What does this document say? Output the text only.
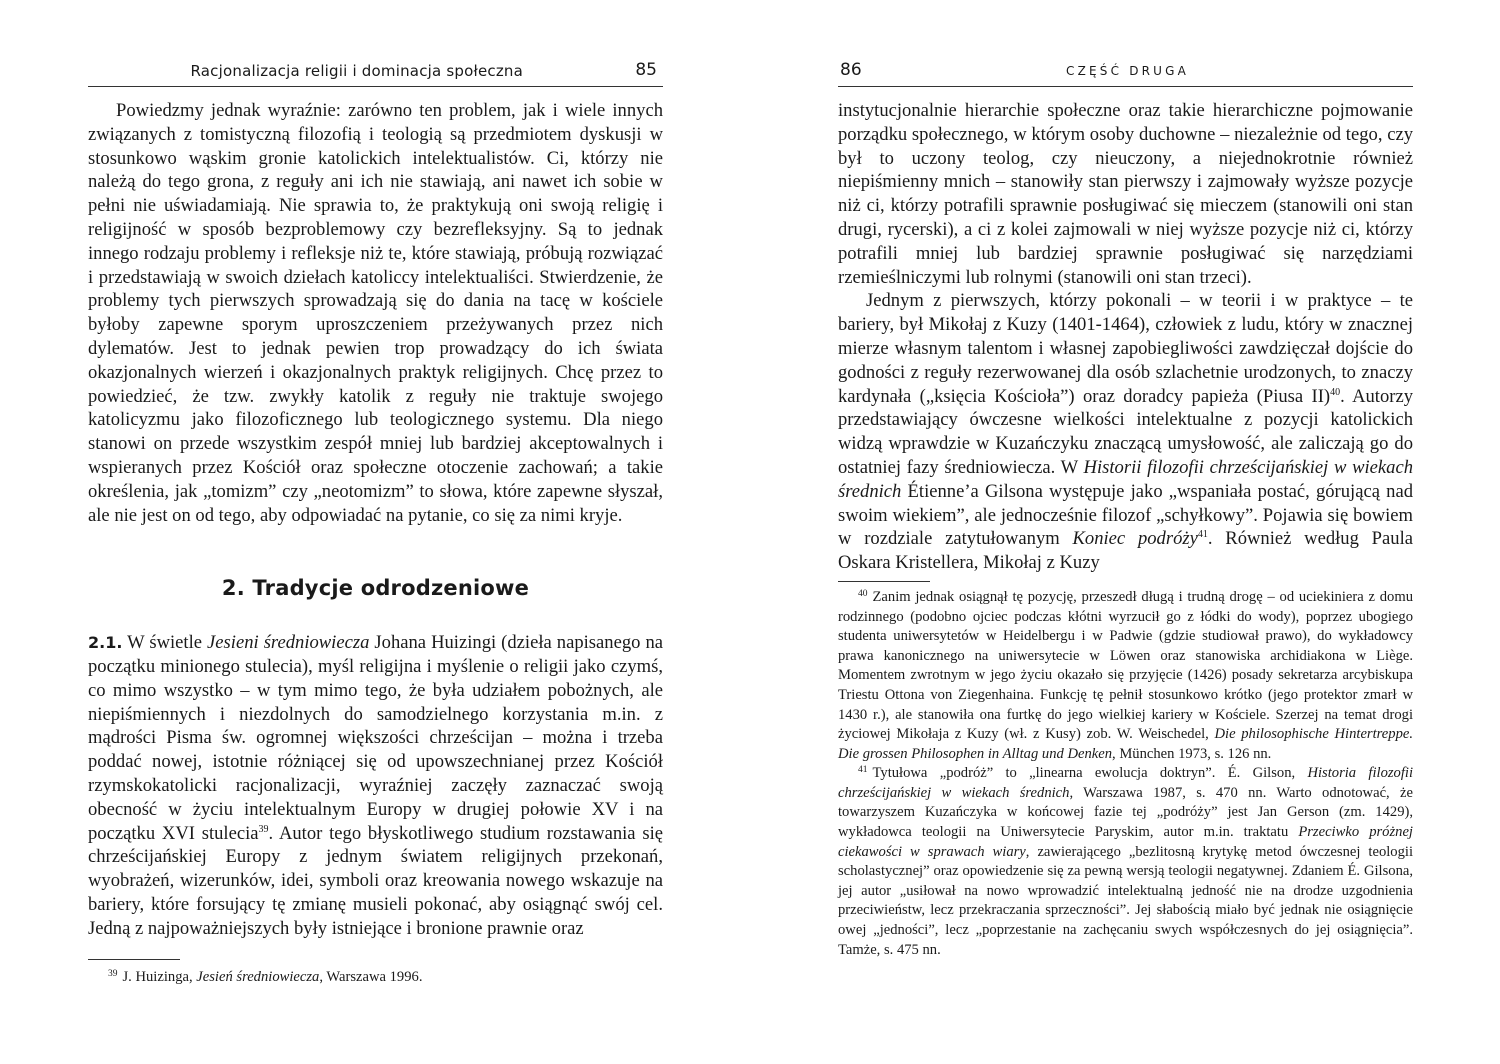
Racjonalizacja religii i dominacja społeczna	85

Powiedzmy jednak wyraźnie: zarówno ten problem, jak i wiele innych związanych z tomistyczną filozofią i teologią są przedmiotem dyskusji w stosunkowo wąskim gronie katolickich intelektualistów. Ci, którzy nie należą do tego grona, z reguły ani ich nie stawiają, ani nawet ich sobie w pełni nie uświadamiają. Nie sprawia to, że praktykują oni swoją religię i religijność w sposób bezproblemowy czy bezrefleksyjny. Są to jednak innego rodzaju problemy i refleksje niż te, które stawiają, próbują rozwiązać i przedstawiają w swoich dziełach katoliccy intelektualiści. Stwierdzenie, że problemy tych pierwszych sprowadzają się do dania na tacę w kościele byłoby zapewne sporym uproszczeniem przeżywanych przez nich dylematów. Jest to jednak pewien trop prowadzący do ich świata okazjonalnych wierzeń i okazjonalnych praktyk religijnych. Chcę przez to powiedzieć, że tzw. zwykły katolik z reguły nie traktuje swojego katolicyzmu jako filozoficznego lub teologicznego systemu. Dla niego stanowi on przede wszystkim zespół mniej lub bardziej akceptowalnych i wspieranych przez Kościół oraz społeczne otoczenie zachowań; a takie określenia, jak „tomizm” czy „neotomizm” to słowa, które zapewne słyszał, ale nie jest on od tego, aby odpowiadać na pytanie, co się za nimi kryje.

2. Tradycje odrodzeniowe

2.1. W świetle Jesieni średniowiecza Johana Huizingi (dzieła napisanego na początku minionego stulecia), myśl religijna i myślenie o religii jako czymś, co mimo wszystko – w tym mimo tego, że była udziałem pobożnych, ale niepiśmiennych i niezdolnych do samodzielnego korzystania m.in. z mądrości Pisma św. ogromnej większości chrześcijan – można i trzeba poddać nowej, istotnie różniącej się od upowszechnianej przez Kościół rzymskokatolicki racjonalizacji, wyraźniej zaczęły zaznaczać swoją obecność w życiu intelektualnym Europy w drugiej połowie XV i na początku XVI stulecia$^{39}$. Autor tego błyskotliwego studium rozstawania się chrześcijańskiej Europy z jednym światem religijnych przekonań, wyobrażeń, wizerunków, idei, symboli oraz kreowania nowego wskazuje na bariery, które forsujący tę zmianę musieli pokonać, aby osiągnąć swój cel. Jedną z najpoważniejszych były istniejące i bronione prawnie oraz

$^{39}$ J. Huizinga, Jesień średniowiecza, Warszawa 1996.

86	CZĘŚĆ DRUGA

instytucjonalnie hierarchie społeczne oraz takie hierarchiczne pojmowanie porządku społecznego, w którym osoby duchowne – niezależnie od tego, czy był to uczony teolog, czy nieuczony, a niejednokrotnie również niepiśmienny mnich – stanowiły stan pierwszy i zajmowały wyższe pozycje niż ci, którzy potrafili sprawnie posługiwać się mieczem (stanowili oni stan drugi, rycerski), a ci z kolei zajmowali w niej wyższe pozycje niż ci, którzy potrafili mniej lub bardziej sprawnie posługiwać się narzędziami rzemieślniczymi lub rolnymi (stanowili oni stan trzeci).

Jednym z pierwszych, którzy pokonali – w teorii i w praktyce – te bariery, był Mikołaj z Kuzy (1401-1464), człowiek z ludu, który w znacznej mierze własnym talentom i własnej zapobiegliwości zawdzięczał dojście do godności z reguły rezerwowanej dla osób szlachetnie urodzonych, to znaczy kardynała („księcia Kościoła”) oraz doradcy papieża (Piusa II)$^{40}$. Autorzy przedstawiający ówczesne wielkości intelektualne z pozycji katolickich widzą wprawdzie w Kuzańczyku znaczącą umysłowość, ale zaliczają go do ostatniej fazy średniowiecza. W Historii filozofii chrześcijańskiej w wiekach średnich Étienne’a Gilsona występuje jako „wspaniała postać, górującą nad swoim wiekiem”, ale jednocześnie filozof „schyłkowy”. Pojawia się bowiem w rozdziale zatytułowanym Koniec podróży$^{41}$. Również według Paula Oskara Kristellera, Mikołaj z Kuzy

$^{40}$ Zanim jednak osiągnął tę pozycję, przeszedł długą i trudną drogę – od uciekiniera z domu rodzinnego (podobno ojciec podczas kłótni wyrzucił go z łódki do wody), poprzez ubogiego studenta uniwersytetów w Heidelbergu i w Padwie (gdzie studiował prawo), do wykładowcy prawa kanonicznego na uniwersytecie w Löwen oraz stanowiska archidiakona w Liège. Momentem zwrotnym w jego życiu okazało się przyjęcie (1426) posady sekretarza arcybiskupa Triestu Ottona von Ziegenhaina. Funkcję tę pełnił stosunkowo krótko (jego protektor zmarł w 1430 r.), ale stanowiła ona furtkę do jego wielkiej kariery w Kościele. Szerzej na temat drogi życiowej Mikołaja z Kuzy (wł. z Kusy) zob. W. Weischedel, Die philosophische Hintertreppe. Die grossen Philosophen in Alltag und Denken, München 1973, s. 126 nn.

$^{41}$ Tytułowa „podróż” to „linearna ewolucja doktryn”. É. Gilson, Historia filozofii chrześcijańskiej w wiekach średnich, Warszawa 1987, s. 470 nn. Warto odnotować, że towarzyszem Kuzańczyka w końcowej fazie tej „podróży” jest Jan Gerson (zm. 1429), wykładowca teologii na Uniwersytecie Paryskim, autor m.in. traktatu Przeciwko próżnej ciekawości w sprawach wiary, zawierającego „bezlitosną krytykę metod ówczesnej teologii scholastycznej” oraz opowiedzenie się za pewną wersją teologii negatywnej. Zdaniem É. Gilsona, jej autor „usiłował na nowo wprowadzić intelektualną jedność nie na drodze uzgodnienia przeciwieństw, lecz przekraczania sprzeczności”. Jej słabością miało być jednak nie osiągnięcie owej „jedności”, lecz „poprzestanie na zachęcaniu swych współczesnych do jej osiągnięcia”. Tamże, s. 475 nn.
